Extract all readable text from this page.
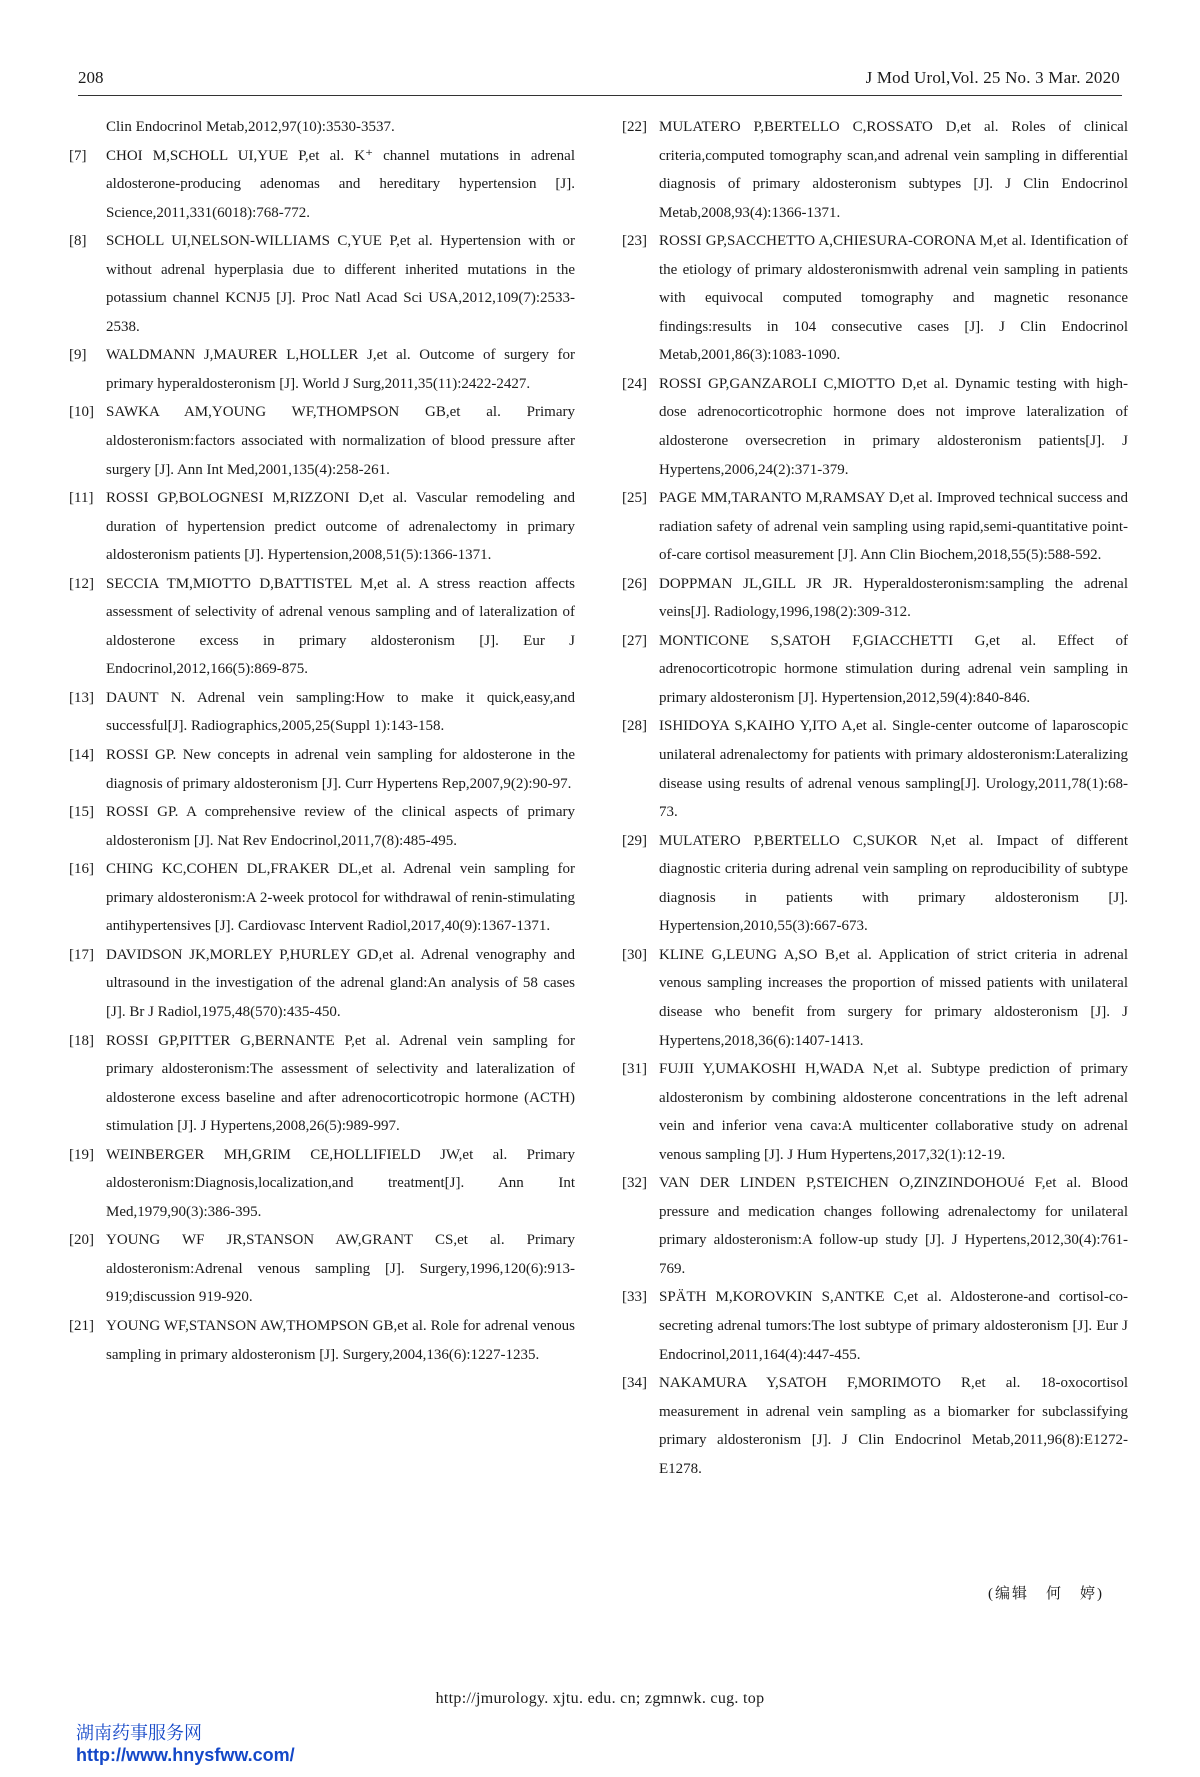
208	J Mod Urol,Vol. 25 No. 3 Mar. 2020
Clin Endocrinol Metab,2012,97(10):3530-3537.
[7]	CHOI M,SCHOLL UI,YUE P,et al. K⁺ channel mutations in adrenal aldosterone-producing adenomas and hereditary hypertension [J]. Science,2011,331(6018):768-772.
[8]	SCHOLL UI,NELSON-WILLIAMS C,YUE P,et al. Hypertension with or without adrenal hyperplasia due to different inherited mutations in the potassium channel KCNJ5 [J]. Proc Natl Acad Sci USA,2012,109(7):2533-2538.
[9]	WALDMANN J,MAURER L,HOLLER J,et al. Outcome of surgery for primary hyperaldosteronism [J]. World J Surg,2011,35(11):2422-2427.
[10] SAWKA AM,YOUNG WF,THOMPSON GB,et al. Primary aldosteronism:factors associated with normalization of blood pressure after surgery [J]. Ann Int Med,2001,135(4):258-261.
[11] ROSSI GP,BOLOGNESI M,RIZZONI D,et al. Vascular remodeling and duration of hypertension predict outcome of adrenalectomy in primary aldosteronism patients [J]. Hypertension,2008,51(5):1366-1371.
[12] SECCIA TM,MIOTTO D,BATTISTEL M,et al. A stress reaction affects assessment of selectivity of adrenal venous sampling and of lateralization of aldosterone excess in primary aldosteronism [J]. Eur J Endocrinol,2012,166(5):869-875.
[13] DAUNT N. Adrenal vein sampling:How to make it quick,easy,and successful[J]. Radiographics,2005,25(Suppl 1):143-158.
[14] ROSSI GP. New concepts in adrenal vein sampling for aldosterone in the diagnosis of primary aldosteronism [J]. Curr Hypertens Rep,2007,9(2):90-97.
[15] ROSSI GP. A comprehensive review of the clinical aspects of primary aldosteronism [J]. Nat Rev Endocrinol,2011,7(8):485-495.
[16] CHING KC,COHEN DL,FRAKER DL,et al. Adrenal vein sampling for primary aldosteronism:A 2-week protocol for withdrawal of renin-stimulating antihypertensives [J]. Cardiovasc Intervent Radiol,2017,40(9):1367-1371.
[17] DAVIDSON JK,MORLEY P,HURLEY GD,et al. Adrenal venography and ultrasound in the investigation of the adrenal gland:An analysis of 58 cases [J]. Br J Radiol,1975,48(570):435-450.
[18] ROSSI GP,PITTER G,BERNANTE P,et al. Adrenal vein sampling for primary aldosteronism:The assessment of selectivity and lateralization of aldosterone excess baseline and after adrenocorticotropic hormone (ACTH) stimulation [J]. J Hypertens,2008,26(5):989-997.
[19] WEINBERGER MH,GRIM CE,HOLLIFIELD JW,et al. Primary aldosteronism:Diagnosis,localization,and treatment[J]. Ann Int Med,1979,90(3):386-395.
[20] YOUNG WF JR,STANSON AW,GRANT CS,et al. Primary aldosteronism:Adrenal venous sampling [J]. Surgery,1996,120(6):913-919;discussion 919-920.
[21] YOUNG WF,STANSON AW,THOMPSON GB,et al. Role for adrenal venous sampling in primary aldosteronism [J]. Surgery,2004,136(6):1227-1235.
[22] MULATERO P,BERTELLO C,ROSSATO D,et al. Roles of clinical criteria,computed tomography scan,and adrenal vein sampling in differential diagnosis of primary aldosteronism subtypes [J]. J Clin Endocrinol Metab,2008,93(4):1366-1371.
[23] ROSSI GP,SACCHETTO A,CHIESURA-CORONA M,et al. Identification of the etiology of primary aldosteronismwith adrenal vein sampling in patients with equivocal computed tomography and magnetic resonance findings:results in 104 consecutive cases [J]. J Clin Endocrinol Metab,2001,86(3):1083-1090.
[24] ROSSI GP,GANZAROLI C,MIOTTO D,et al. Dynamic testing with high-dose adrenocorticotrophic hormone does not improve lateralization of aldosterone oversecretion in primary aldosteronism patients[J]. J Hypertens,2006,24(2):371-379.
[25] PAGE MM,TARANTO M,RAMSAY D,et al. Improved technical success and radiation safety of adrenal vein sampling using rapid,semi-quantitative point-of-care cortisol measurement [J]. Ann Clin Biochem,2018,55(5):588-592.
[26] DOPPMAN JL,GILL JR JR. Hyperaldosteronism:sampling the adrenal veins[J]. Radiology,1996,198(2):309-312.
[27] MONTICONE S,SATOH F,GIACCHETTI G,et al. Effect of adrenocorticotropic hormone stimulation during adrenal vein sampling in primary aldosteronism [J]. Hypertension,2012,59(4):840-846.
[28] ISHIDOYA S,KAIHO Y,ITO A,et al. Single-center outcome of laparoscopic unilateral adrenalectomy for patients with primary aldosteronism:Lateralizing disease using results of adrenal venous sampling[J]. Urology,2011,78(1):68-73.
[29] MULATERO P,BERTELLO C,SUKOR N,et al. Impact of different diagnostic criteria during adrenal vein sampling on reproducibility of subtype diagnosis in patients with primary aldosteronism [J]. Hypertension,2010,55(3):667-673.
[30] KLINE G,LEUNG A,SO B,et al. Application of strict criteria in adrenal venous sampling increases the proportion of missed patients with unilateral disease who benefit from surgery for primary aldosteronism [J]. J Hypertens,2018,36(6):1407-1413.
[31] FUJII Y,UMAKOSHI H,WADA N,et al. Subtype prediction of primary aldosteronism by combining aldosterone concentrations in the left adrenal vein and inferior vena cava:A multicenter collaborative study on adrenal venous sampling [J]. J Hum Hypertens,2017,32(1):12-19.
[32] VAN DER LINDEN P,STEICHEN O,ZINZINDOHOUé F,et al. Blood pressure and medication changes following adrenalectomy for unilateral primary aldosteronism:A follow-up study [J]. J Hypertens,2012,30(4):761-769.
[33] SPÄTH M,KOROVKIN S,ANTKE C,et al. Aldosterone-and cortisol-co-secreting adrenal tumors:The lost subtype of primary aldosteronism [J]. Eur J Endocrinol,2011,164(4):447-455.
[34] NAKAMURA Y,SATOH F,MORIMOTO R,et al. 18-oxocortisol measurement in adrenal vein sampling as a biomarker for subclassifying primary aldosteronism [J]. J Clin Endocrinol Metab,2011,96(8):E1272-E1278.
(编辑　何　婷)
http://jmurology. xjtu. edu. cn; zgmnwk. cug. top
湖南药事服务网
http://www.hnysfww.com/
